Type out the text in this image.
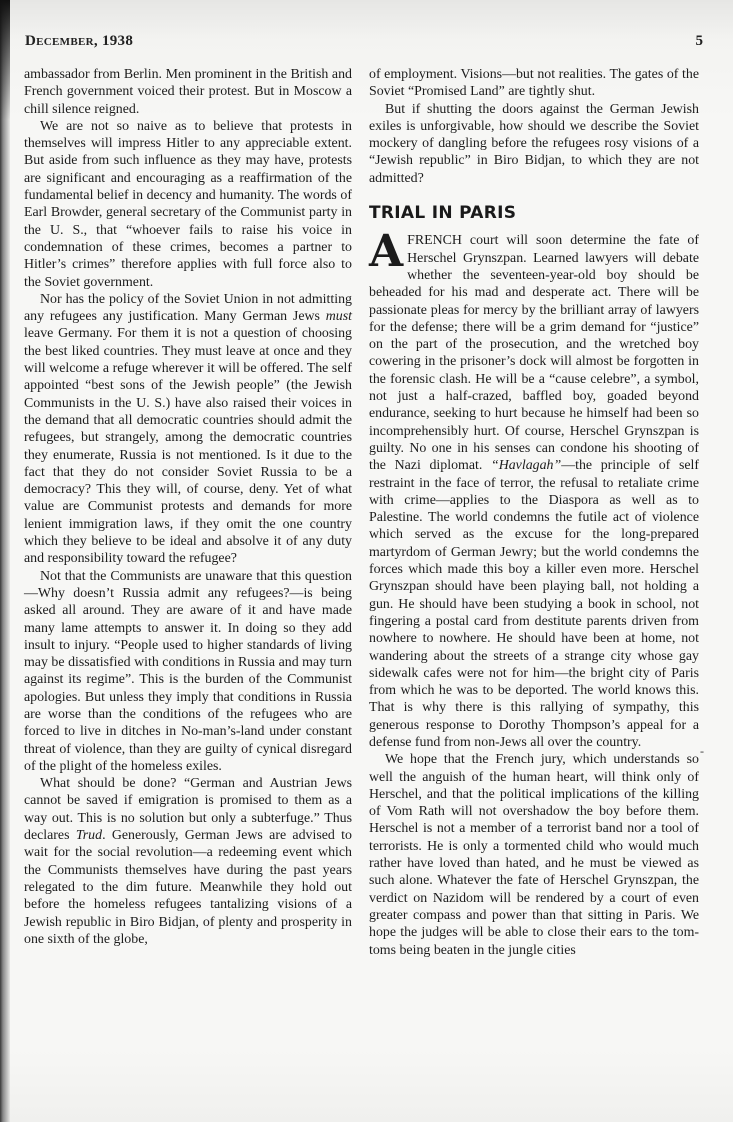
December, 1938	5

ambassador from Berlin. Men prominent in the British and French government voiced their protest. But in Moscow a chill silence reigned.

We are not so naive as to believe that protests in themselves will impress Hitler to any appreciable extent. But aside from such influence as they may have, protests are significant and encouraging as a reaffirmation of the fundamental belief in decency and humanity. The words of Earl Browder, general secretary of the Communist party in the U. S., that “whoever fails to raise his voice in condemnation of these crimes, becomes a partner to Hitler’s crimes” therefore applies with full force also to the Soviet government.

Nor has the policy of the Soviet Union in not admitting any refugees any justification. Many German Jews must leave Germany. For them it is not a question of choosing the best liked countries. They must leave at once and they will welcome a refuge wherever it will be offered. The self appointed “best sons of the Jewish people” (the Jewish Communists in the U. S.) have also raised their voices in the demand that all democratic countries should admit the refugees, but strangely, among the democratic countries they enumerate, Russia is not mentioned. Is it due to the fact that they do not consider Soviet Russia to be a democracy? This they will, of course, deny. Yet of what value are Communist protests and demands for more lenient immigration laws, if they omit the one country which they believe to be ideal and absolve it of any duty and responsibility toward the refugee?

Not that the Communists are unaware that this question—Why doesn’t Russia admit any refugees?—is being asked all around. They are aware of it and have made many lame attempts to answer it. In doing so they add insult to injury. “People used to higher standards of living may be dissatisfied with conditions in Russia and may turn against its regime”. This is the burden of the Communist apologies. But unless they imply that conditions in Russia are worse than the conditions of the refugees who are forced to live in ditches in No-man’s-land under constant threat of violence, than they are guilty of cynical disregard of the plight of the homeless exiles.

What should be done? “German and Austrian Jews cannot be saved if emigration is promised to them as a way out. This is no solution but only a subterfuge.” Thus declares Trud. Generously, German Jews are advised to wait for the social revolution—a redeeming event which the Communists themselves have during the past years relegated to the dim future. Meanwhile they hold out before the homeless refugees tantalizing visions of a Jewish republic in Biro Bidjan, of plenty and prosperity in one sixth of the globe,

of employment. Visions—but not realities. The gates of the Soviet “Promised Land” are tightly shut.

But if shutting the doors against the German Jewish exiles is unforgivable, how should we describe the Soviet mockery of dangling before the refugees rosy visions of a “Jewish republic” in Biro Bidjan, to which they are not admitted?

TRIAL IN PARIS

AFRENCH court will soon determine the fate of Herschel Grynszpan. Learned lawyers will debate whether the seventeen-year-old boy should be beheaded for his mad and desperate act. There will be passionate pleas for mercy by the brilliant array of lawyers for the defense; there will be a grim demand for “justice” on the part of the prosecution, and the wretched boy cowering in the prisoner’s dock will almost be forgotten in the forensic clash. He will be a “cause celebre”, a symbol, not just a half-crazed, baffled boy, goaded beyond endurance, seeking to hurt because he himself had been so incomprehensibly hurt. Of course, Herschel Grynszpan is guilty. No one in his senses can condone his shooting of the Nazi diplomat. “Havlagah”—the principle of self restraint in the face of terror, the refusal to retaliate crime with crime—applies to the Diaspora as well as to Palestine. The world condemns the futile act of violence which served as the excuse for the long-prepared martyrdom of German Jewry; but the world condemns the forces which made this boy a killer even more. Herschel Grynszpan should have been playing ball, not holding a gun. He should have been studying a book in school, not fingering a postal card from destitute parents driven from nowhere to nowhere. He should have been at home, not wandering about the streets of a strange city whose gay sidewalk cafes were not for him—the bright city of Paris from which he was to be deported. The world knows this. That is why there is this rallying of sympathy, this generous response to Dorothy Thompson’s appeal for a defense fund from non-Jews all over the country.

We hope that the French jury, which understands so well the anguish of the human heart, will think only of Herschel, and that the political implications of the killing of Vom Rath will not overshadow the boy before them. Herschel is not a member of a terrorist band nor a tool of terrorists. He is only a tormented child who would much rather have loved than hated, and he must be viewed as such alone. Whatever the fate of Herschel Grynszpan, the verdict on Nazidom will be rendered by a court of even greater compass and power than that sitting in Paris. We hope the judges will be able to close their ears to the tom-toms being beaten in the jungle cities

-
